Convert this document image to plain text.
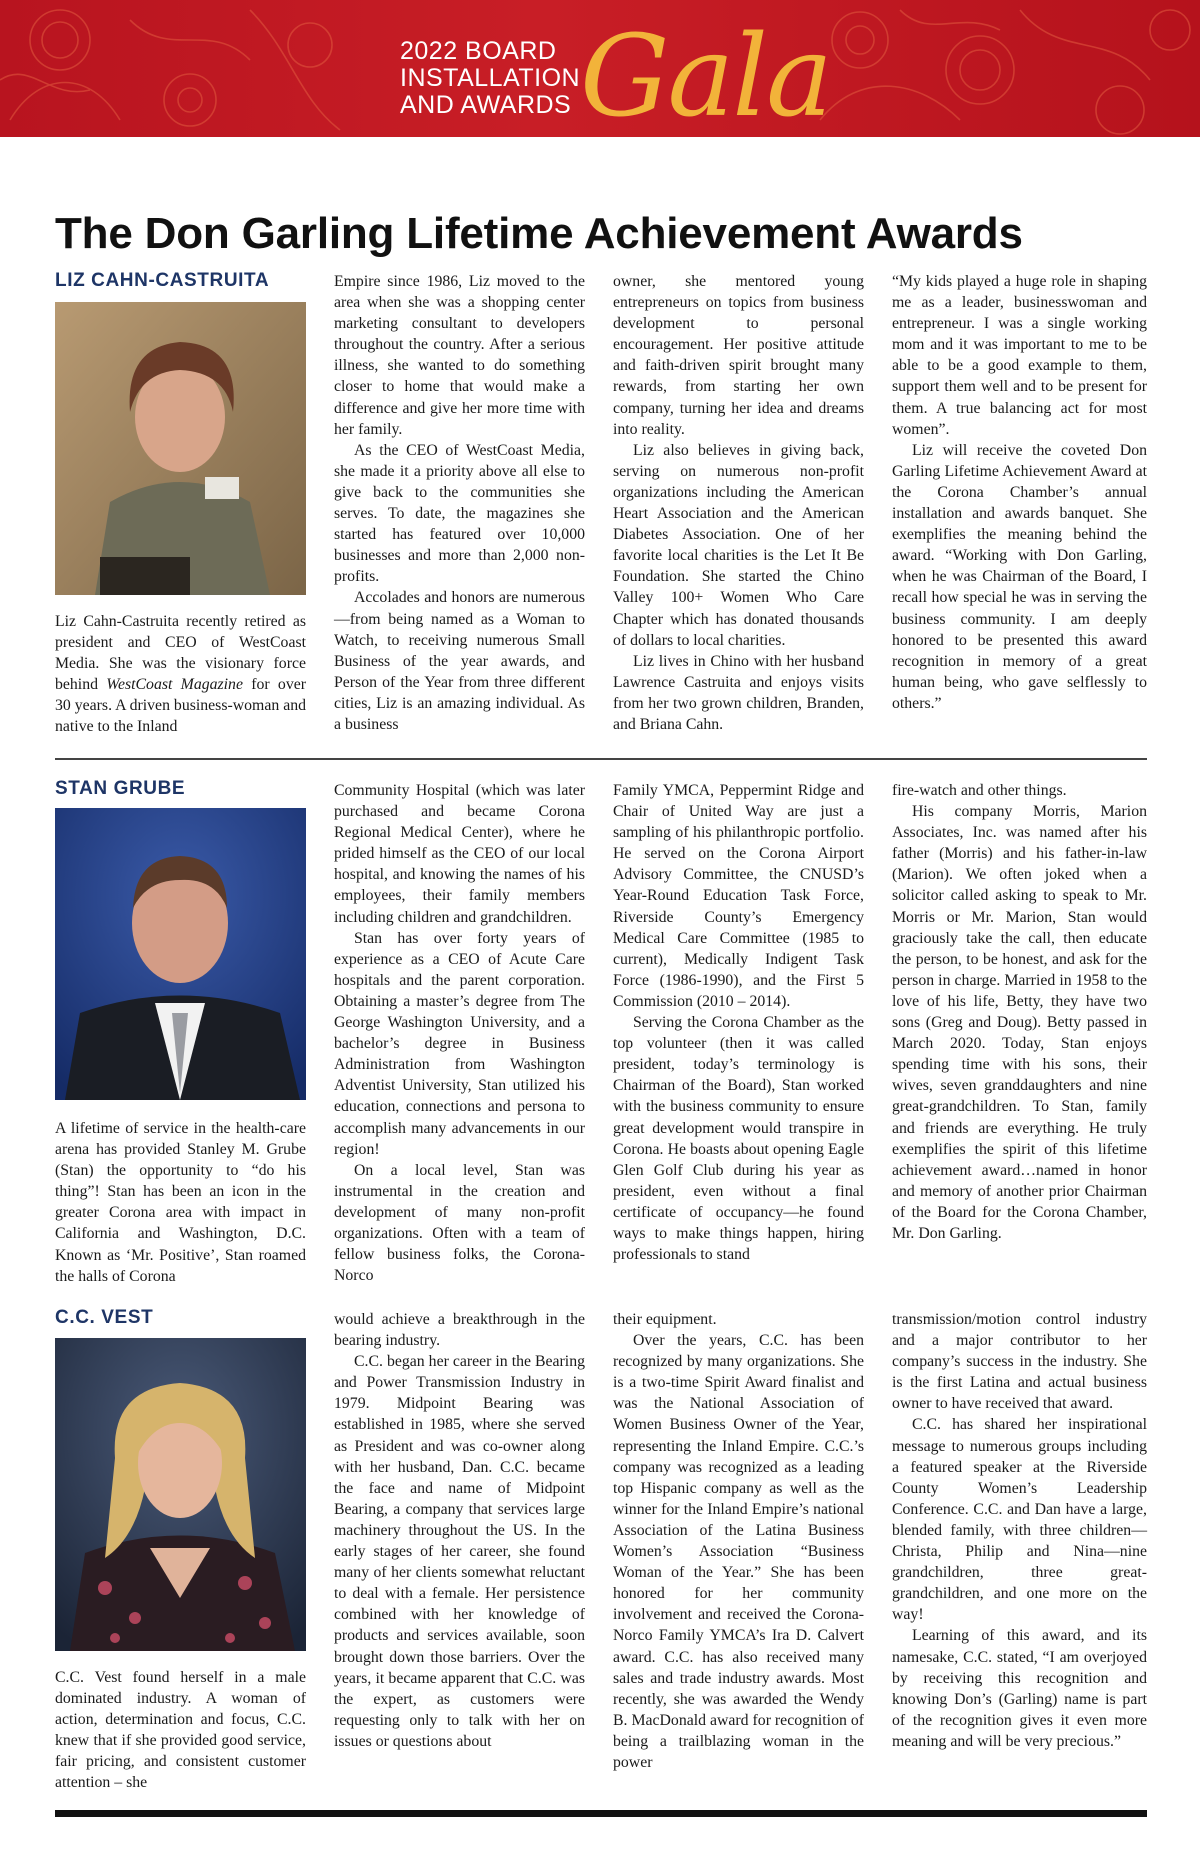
2022 BOARD
INSTALLATION
AND AWARDS Gala
The Don Garling Lifetime Achievement Awards
LIZ CAHN-CASTRUITA

Liz Cahn-Castruita recently retired as president and CEO of WestCoast Media. She was the visionary force behind WestCoast Magazine for over 30 years. A driven business-woman and native to the Inland

Empire since 1986, Liz moved to the area when she was a shopping center marketing consultant to developers throughout the country. After a serious illness, she wanted to do something closer to home that would make a difference and give her more time with her family.

As the CEO of WestCoast Media, she made it a priority above all else to give back to the communities she serves. To date, the magazines she started has featured over 10,000 businesses and more than 2,000 non-profits.

Accolades and honors are numerous—from being named as a Woman to Watch, to receiving numerous Small Business of the year awards, and Person of the Year from three different cities, Liz is an amazing individual. As a business

owner, she mentored young entrepreneurs on topics from business development to personal encouragement. Her positive attitude and faith-driven spirit brought many rewards, from starting her own company, turning her idea and dreams into reality.

Liz also believes in giving back, serving on numerous non-profit organizations including the American Heart Association and the American Diabetes Association. One of her favorite local charities is the Let It Be Foundation. She started the Chino Valley 100+ Women Who Care Chapter which has donated thousands of dollars to local charities.

Liz lives in Chino with her husband Lawrence Castruita and enjoys visits from her two grown children, Branden, and Briana Cahn.

“My kids played a huge role in shaping me as a leader, businesswoman and entrepreneur. I was a single working mom and it was important to me to be able to be a good example to them, support them well and to be present for them. A true balancing act for most women”.

Liz will receive the coveted Don Garling Lifetime Achievement Award at the Corona Chamber’s annual installation and awards banquet. She exemplifies the meaning behind the award. “Working with Don Garling, when he was Chairman of the Board, I recall how special he was in serving the business community. I am deeply honored to be presented this award recognition in memory of a great human being, who gave selflessly to others.”

STAN GRUBE

A lifetime of service in the health-care arena has provided Stanley M. Grube (Stan) the opportunity to “do his thing”! Stan has been an icon in the greater Corona area with impact in California and Washington, D.C. Known as ‘Mr. Positive’, Stan roamed the halls of Corona

Community Hospital (which was later purchased and became Corona Regional Medical Center), where he prided himself as the CEO of our local hospital, and knowing the names of his employees, their family members including children and grandchildren.

Stan has over forty years of experience as a CEO of Acute Care hospitals and the parent corporation. Obtaining a master’s degree from The George Washington University, and a bachelor’s degree in Business Administration from Washington Adventist University, Stan utilized his education, connections and persona to accomplish many advancements in our region!

On a local level, Stan was instrumental in the creation and development of many non-profit organizations. Often with a team of fellow business folks, the Corona-Norco

Family YMCA, Peppermint Ridge and Chair of United Way are just a sampling of his philanthropic portfolio. He served on the Corona Airport Advisory Committee, the CNUSD’s Year-Round Education Task Force, Riverside County’s Emergency Medical Care Committee (1985 to current), Medically Indigent Task Force (1986-1990), and the First 5 Commission (2010 – 2014).

Serving the Corona Chamber as the top volunteer (then it was called president, today’s terminology is Chairman of the Board), Stan worked with the business community to ensure great development would transpire in Corona. He boasts about opening Eagle Glen Golf Club during his year as president, even without a final certificate of occupancy—he found ways to make things happen, hiring professionals to stand

fire-watch and other things.

His company Morris, Marion Associates, Inc. was named after his father (Morris) and his father-in-law (Marion). We often joked when a solicitor called asking to speak to Mr. Morris or Mr. Marion, Stan would graciously take the call, then educate the person, to be honest, and ask for the person in charge. Married in 1958 to the love of his life, Betty, they have two sons (Greg and Doug). Betty passed in March 2020. Today, Stan enjoys spending time with his sons, their wives, seven granddaughters and nine great-grandchildren. To Stan, family and friends are everything. He truly exemplifies the spirit of this lifetime achievement award…named in honor and memory of another prior Chairman of the Board for the Corona Chamber, Mr. Don Garling.

C.C. VEST

C.C. Vest found herself in a male dominated industry. A woman of action, determination and focus, C.C. knew that if she provided good service, fair pricing, and consistent customer attention – she

would achieve a breakthrough in the bearing industry.

C.C. began her career in the Bearing and Power Transmission Industry in 1979. Midpoint Bearing was established in 1985, where she served as President and was co-owner along with her husband, Dan. C.C. became the face and name of Midpoint Bearing, a company that services large machinery throughout the US. In the early stages of her career, she found many of her clients somewhat reluctant to deal with a female. Her persistence combined with her knowledge of products and services available, soon brought down those barriers. Over the years, it became apparent that C.C. was the expert, as customers were requesting only to talk with her on issues or questions about

their equipment.

Over the years, C.C. has been recognized by many organizations. She is a two-time Spirit Award finalist and was the National Association of Women Business Owner of the Year, representing the Inland Empire. C.C.’s company was recognized as a leading top Hispanic company as well as the winner for the Inland Empire’s national Association of the Latina Business Women’s Association “Business Woman of the Year.” She has been honored for her community involvement and received the Corona-Norco Family YMCA’s Ira D. Calvert award. C.C. has also received many sales and trade industry awards. Most recently, she was awarded the Wendy B. MacDonald award for recognition of being a trailblazing woman in the power

transmission/motion control industry and a major contributor to her company’s success in the industry. She is the first Latina and actual business owner to have received that award.

C.C. has shared her inspirational message to numerous groups including a featured speaker at the Riverside County Women’s Leadership Conference. C.C. and Dan have a large, blended family, with three children—Christa, Philip and Nina—nine grandchildren, three great-grandchildren, and one more on the way!

Learning of this award, and its namesake, C.C. stated, “I am overjoyed by receiving this recognition and knowing Don’s (Garling) name is part of the recognition gives it even more meaning and will be very precious.”
